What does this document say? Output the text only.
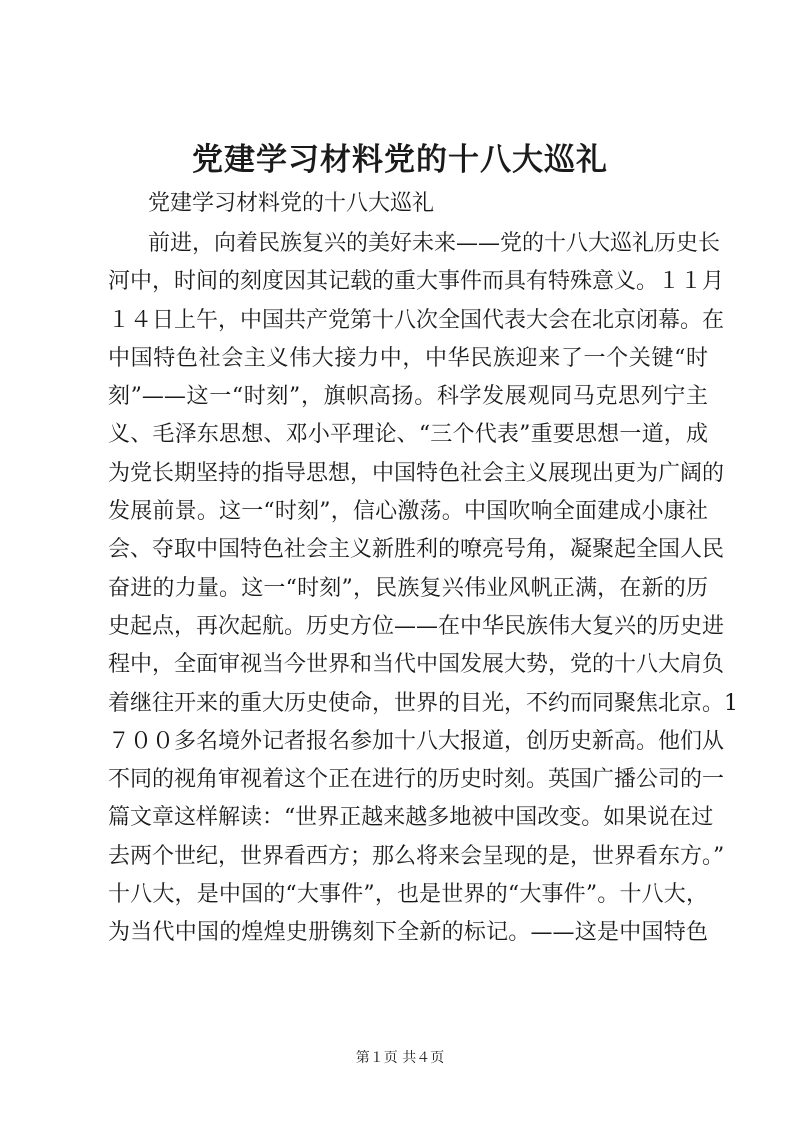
党建学习材料党的十八大巡礼
党建学习材料党的十八大巡礼
前进，向着民族复兴的美好未来——党的十八大巡礼历史长
河中，时间的刻度因其记载的重大事件而具有特殊意义。１１月
１４日上午，中国共产党第十八次全国代表大会在北京闭幕。在
中国特色社会主义伟大接力中，中华民族迎来了一个关键“时
刻”——这一“时刻”，旗帜高扬。科学发展观同马克思列宁主
义、毛泽东思想、邓小平理论、“三个代表”重要思想一道，成
为党长期坚持的指导思想，中国特色社会主义展现出更为广阔的
发展前景。这一“时刻”，信心激荡。中国吹响全面建成小康社
会、夺取中国特色社会主义新胜利的嘹亮号角，凝聚起全国人民
奋进的力量。这一“时刻”，民族复兴伟业风帆正满，在新的历
史起点，再次起航。历史方位——在中华民族伟大复兴的历史进
程中，全面审视当今世界和当代中国发展大势，党的十八大肩负
着继往开来的重大历史使命，世界的目光，不约而同聚焦北京。1
７００多名境外记者报名参加十八大报道，创历史新高。他们从
不同的视角审视着这个正在进行的历史时刻。英国广播公司的一
篇文章这样解读：“世界正越来越多地被中国改变。如果说在过
去两个世纪，世界看西方；那么将来会呈现的是，世界看东方。”
十八大，是中国的“大事件”，也是世界的“大事件”。十八大，
为当代中国的煌煌史册镌刻下全新的标记。——这是中国特色
第１页 共４页
